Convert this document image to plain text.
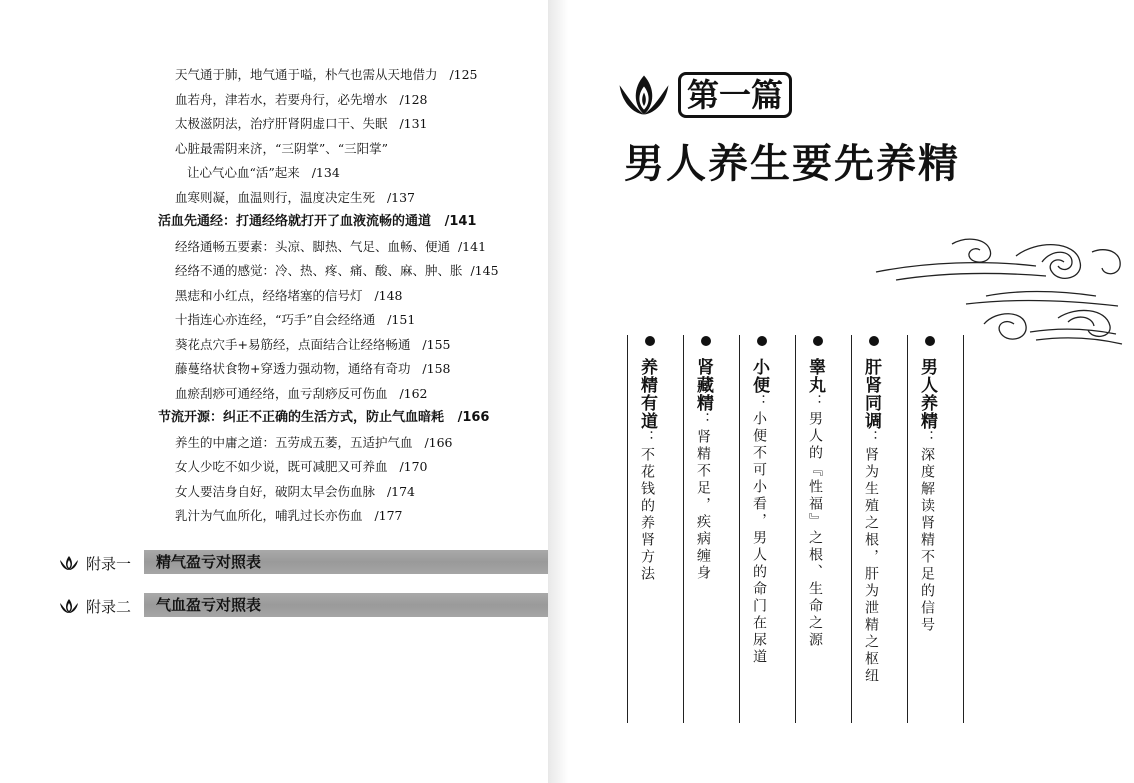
天气通于肺，地气通于嗌，朴气也需从天地借力 /125
血若舟，津若水，若要舟行，必先增水 /128
太极滋阴法，治疗肝肾阴虚口干、失眠 /131
心脏最需阴来济，“三阴掌”、“三阳掌”
让心气心血“活”起来 /134
血寒则凝，血温则行，温度决定生死 /137
活血先通经：打通经络就打开了血液流畅的通道 /141
经络通畅五要素：头凉、脚热、气足、血畅、便通 /141
经络不通的感觉：冷、热、疼、痛、酸、麻、肿、胀 /145
黑痣和小红点，经络堵塞的信号灯 /148
十指连心亦连经，“巧手”自会经络通 /151
葵花点穴手+易筋经，点面结合让经络畅通 /155
藤蔓络状食物+穿透力强动物，通络有奇功 /158
血瘀刮痧可通经络，血亏刮痧反可伤血 /162
节流开源：纠正不正确的生活方式，防止气血暗耗 /166
养生的中庸之道：五劳成五萎，五适护气血 /166
女人少吃不如少说，既可减肥又可养血 /170
女人要洁身自好，破阴太早会伤血脉 /174
乳汁为气血所化，哺乳过长亦伤血 /177
附录一	精气盈亏对照表
附录二	气血盈亏对照表
第一篇
男人养生要先养精
男人养精：深度解读肾精不足的信号
肝肾同调：肾为生殖之根，肝为泄精之枢纽
睾丸：男人的『性福』之根、生命之源
小便：小便不可小看，男人的命门在尿道
肾藏精：肾精不足，疾病缠身
养精有道：不花钱的养肾方法
